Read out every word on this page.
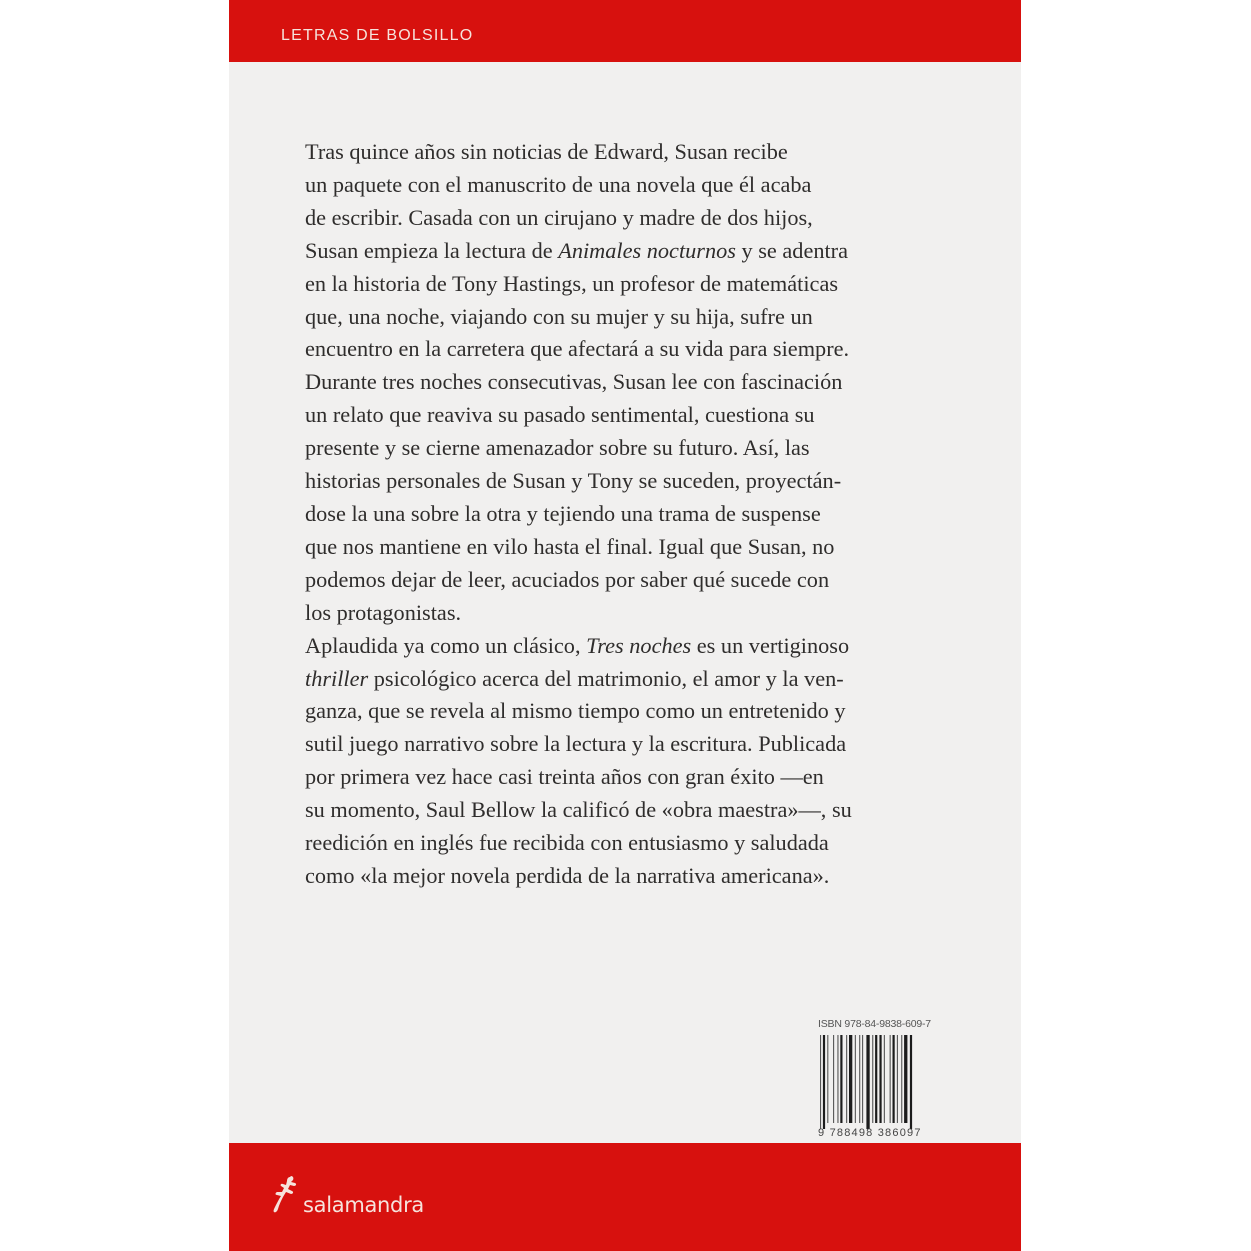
LETRAS DE BOLSILLO

Tras quince años sin noticias de Edward, Susan recibe

un paquete con el manuscrito de una novela que él acaba

de escribir. Casada con un cirujano y madre de dos hijos,

Susan empieza la lectura de Animales nocturnos y se adentra

en la historia de Tony Hastings, un profesor de matemáticas

que, una noche, viajando con su mujer y su hija, sufre un

encuentro en la carretera que afectará a su vida para siempre.

Durante tres noches consecutivas, Susan lee con fascinación

un relato que reaviva su pasado sentimental, cuestiona su

presente y se cierne amenazador sobre su futuro. Así, las

historias personales de Susan y Tony se suceden, proyectán-

dose la una sobre la otra y tejiendo una trama de suspense

que nos mantiene en vilo hasta el final. Igual que Susan, no

podemos dejar de leer, acuciados por saber qué sucede con

los protagonistas.

Aplaudida ya como un clásico, Tres noches es un vertiginoso

thriller psicológico acerca del matrimonio, el amor y la ven-

ganza, que se revela al mismo tiempo como un entretenido y

sutil juego narrativo sobre la lectura y la escritura. Publicada

por primera vez hace casi treinta años con gran éxito —en

su momento, Saul Bellow la calificó de «obra maestra»—, su

reedición en inglés fue recibida con entusiasmo y saludada

como «la mejor novela perdida de la narrativa americana».

ISBN 978-84-9838-609-7
9 788498 386097
salamandra
